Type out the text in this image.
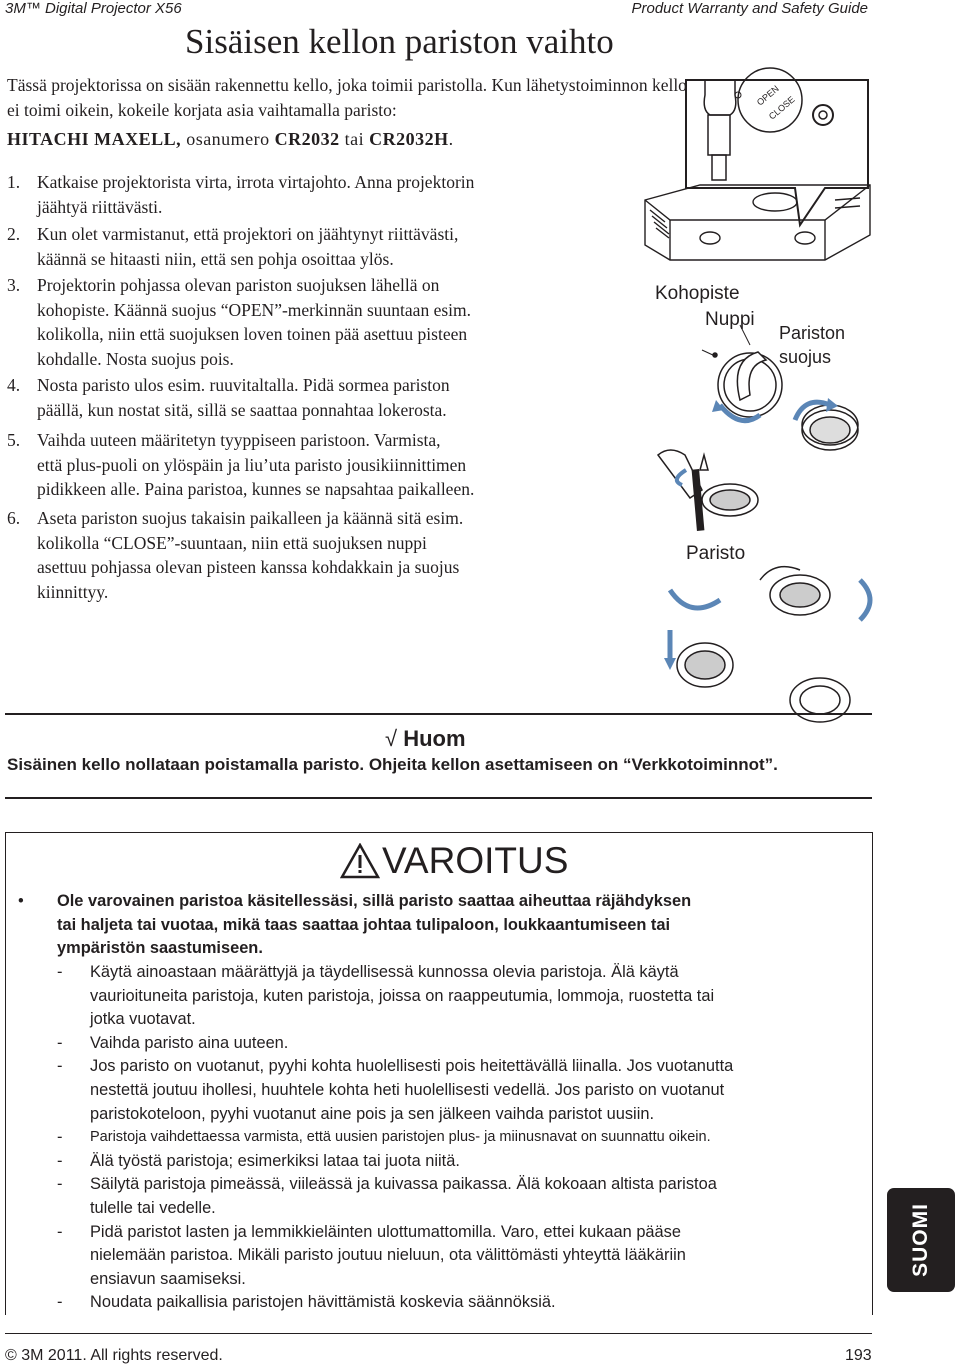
3M™ Digital Projector X56	Product Warranty and Safety Guide
Sisäisen kellon pariston vaihto
OPEN
CLOSE
Kohopiste
Nuppi
Pariston
suojus
Paristo
Tässä projektorissa on sisään rakennettu kello, joka toimii paristolla. Kun lähetystoiminnon kello
ei toimi oikein, kokeile korjata asia vaihtamalla paristo:
HITACHI MAXELL, osanumero CR2032 tai CR2032H.
1. Katkaise projektorista virta, irrota virtajohto. Anna projektorin
jäähtyä riittävästi.
2. Kun olet varmistanut, että projektori on jäähtynyt riittävästi,
käännä se hitaasti niin, että sen pohja osoittaa ylös.
3. Projektorin pohjassa olevan pariston suojuksen lähellä on
kohopiste. Käännä suojus “OPEN”-merkinnän suuntaan esim.
kolikolla, niin että suojuksen loven toinen pää asettuu pisteen
kohdalle. Nosta suojus pois.
4. Nosta paristo ulos esim. ruuvitaltalla. Pidä sormea pariston
päällä, kun nostat sitä, sillä se saattaa ponnahtaa lokerosta.
5. Vaihda uuteen määritetyn tyyppiseen paristoon. Varmista,
että plus-puoli on ylöspäin ja liu’uta paristo jousikiinnittimen
pidikkeen alle. Paina paristoa, kunnes se napsahtaa paikalleen.
6. Aseta pariston suojus takaisin paikalleen ja käännä sitä esim.
kolikolla “CLOSE”-suuntaan, niin että suojuksen nuppi
asettuu pohjassa olevan pisteen kanssa kohdakkain ja suojus
kiinnittyy.
√ Huom
Sisäinen kello nollataan poistamalla paristo. Ohjeita kellon asettamiseen on “Verkkotoiminnot”.
VAROITUS
• Ole varovainen paristoa käsitellessäsi, sillä paristo saattaa aiheuttaa räjähdyksen
tai haljeta tai vuotaa, mikä taas saattaa johtaa tulipaloon, loukkaantumiseen tai
ympäristön saastumiseen.
- Käytä ainoastaan määrättyjä ja täydellisessä kunnossa olevia paristoja. Älä käytä
vaurioituneita paristoja, kuten paristoja, joissa on raappeutumia, lommoja, ruostetta tai
jotka vuotavat.
- Vaihda paristo aina uuteen.
- Jos paristo on vuotanut, pyyhi kohta huolellisesti pois heitettävällä liinalla. Jos vuotanutta
nestettä joutuu ihollesi, huuhtele kohta heti huolellisesti vedellä. Jos paristo on vuotanut
paristokoteloon, pyyhi vuotanut aine pois ja sen jälkeen vaihda paristot uusiin.
- Paristoja vaihdettaessa varmista, että uusien paristojen plus- ja miinusnavat on suunnattu oikein.
- Älä työstä paristoja; esimerkiksi lataa tai juota niitä.
- Säilytä paristoja pimeässä, viileässä ja kuivassa paikassa. Älä kokoaan altista paristoa
tulelle tai vedelle.
- Pidä paristot lasten ja lemmikkieläinten ulottumattomilla. Varo, ettei kukaan pääse
nielemään paristoa. Mikäli paristo joutuu nieluun, ota välittömästi yhteyttä lääkäriin
ensiavun saamiseksi.
- Noudata paikallisia paristojen hävittämistä koskevia säännöksiä.
SUOMI
© 3M 2011. All rights reserved.	193
